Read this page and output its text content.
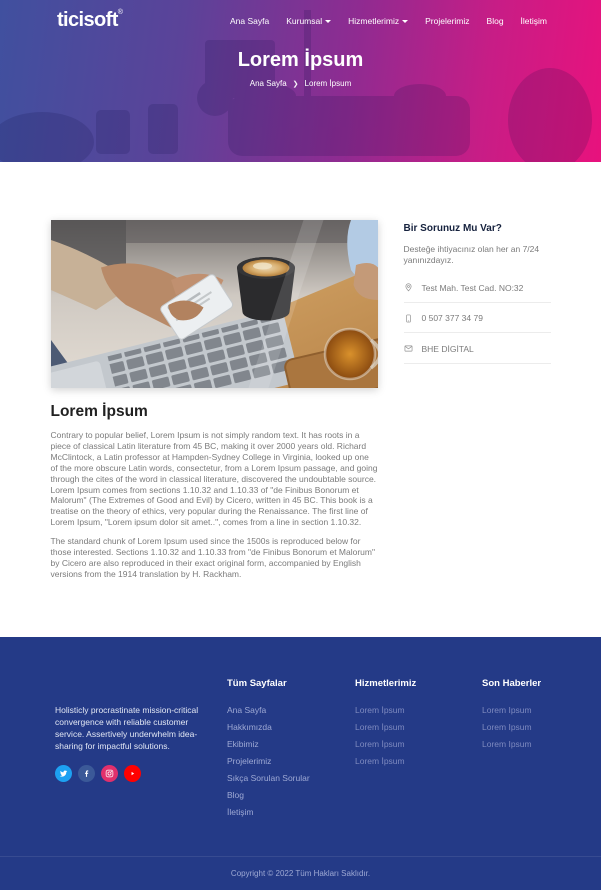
ticisoft®
Ana Sayfa Kurumsal	Hizmetlerimiz	Projelerimiz Blog İletişim
Lorem İpsum
Ana Sayfa ❯ Lorem İpsum
Lorem İpsum

Contrary to popular belief, Lorem Ipsum is not simply random text. It has roots in a piece of classical Latin literature from 45 BC, making it over 2000 years old. Richard McClintock, a Latin professor at Hampden-Sydney College in Virginia, looked up one of the more obscure Latin words, consectetur, from a Lorem Ipsum passage, and going through the cites of the word in classical literature, discovered the undoubtable source. Lorem Ipsum comes from sections 1.10.32 and 1.10.33 of "de Finibus Bonorum et Malorum" (The Extremes of Good and Evil) by Cicero, written in 45 BC. This book is a treatise on the theory of ethics, very popular during the Renaissance. The first line of Lorem Ipsum, "Lorem ipsum dolor sit amet..", comes from a line in section 1.10.32.

The standard chunk of Lorem Ipsum used since the 1500s is reproduced below for those interested. Sections 1.10.32 and 1.10.33 from "de Finibus Bonorum et Malorum" by Cicero are also reproduced in their exact original form, accompanied by English versions from the 1914 translation by H. Rackham.

Bir Sorunuz Mu Var?

Desteğe ihtiyacınız olan her an 7/24 yanınızdayız.

Test Mah. Test Cad. NO:32
0 507 377 34 79
BHE DİGİTAL

Holisticly procrastinate mission-critical convergence with reliable customer service. Assertively underwhelm idea-sharing for impactful solutions.

Tüm Sayfalar
Ana Sayfa
Hakkımızda
Ekibimiz
Projelerimiz
Sıkça Sorulan Sorular
Blog
İletişim
Hizmetlerimiz
Lorem İpsum
Lorem İpsum
Lorem İpsum
Lorem İpsum
Son Haberler
Lorem Ipsum
Lorem Ipsum
Lorem Ipsum
Copyright © 2022 Tüm Hakları Saklıdır.
